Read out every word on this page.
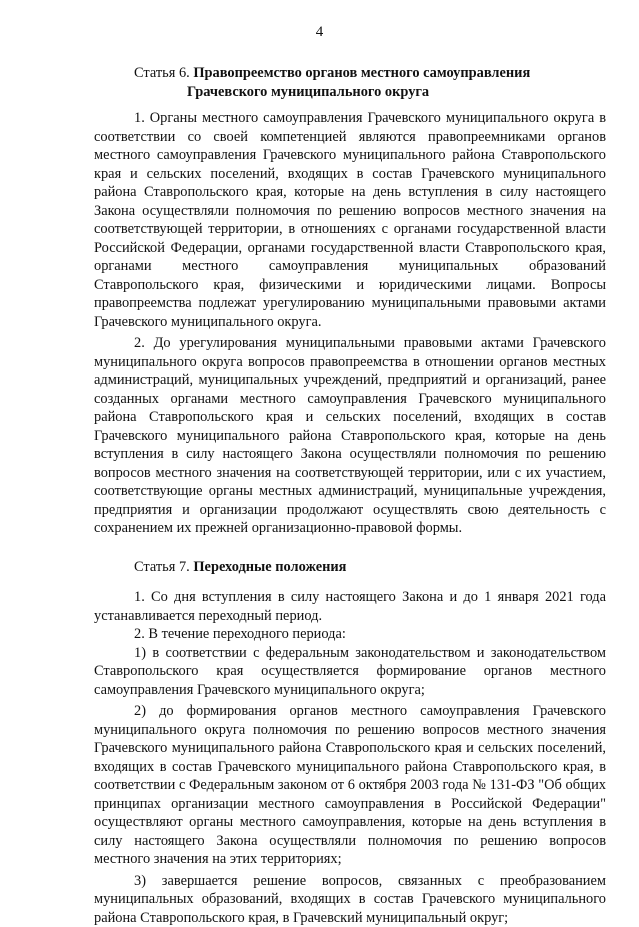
4
Статья 6. Правопреемство органов местного самоуправления
Грачевского муниципального округа

1. Органы местного самоуправления Грачевского муниципального округа в соответствии со своей компетенцией являются правопреемниками органов местного самоуправления Грачевского муниципального района Ставропольского края и сельских поселений, входящих в состав Грачевского муниципального района Ставропольского края, которые на день вступления в силу настоящего Закона осуществляли полномочия по решению вопросов местного значения на соответствующей территории, в отношениях с органами государственной власти Российской Федерации, органами государственной власти Ставропольского края, органами местного самоуправления муниципальных образований Ставропольского края, физическими и юридическими лицами. Вопросы правопреемства подлежат урегулированию муниципальными правовыми актами Грачевского муниципального округа.

2. До урегулирования муниципальными правовыми актами Грачевского муниципального округа вопросов правопреемства в отношении органов местных администраций, муниципальных учреждений, предприятий и организаций, ранее созданных органами местного самоуправления Грачевского муниципального района Ставропольского края и сельских поселений, входящих в состав Грачевского муниципального района Ставропольского края, которые на день вступления в силу настоящего Закона осуществляли полномочия по решению вопросов местного значения на соответствующей территории, или с их участием, соответствующие органы местных администраций, муниципальные учреждения, предприятия и организации продолжают осуществлять свою деятельность с сохранением их прежней организационно-правовой формы.

Статья 7. Переходные положения

1. Со дня вступления в силу настоящего Закона и до 1 января 2021 года устанавливается переходный период.

2. В течение переходного периода:

1) в соответствии с федеральным законодательством и законодательством Ставропольского края осуществляется формирование органов местного самоуправления Грачевского муниципального округа;

2) до формирования органов местного самоуправления Грачевского муниципального округа полномочия по решению вопросов местного значения Грачевского муниципального района Ставропольского края и сельских поселений, входящих в состав Грачевского муниципального района Ставропольского края, в соответствии с Федеральным законом от 6 октября 2003 года № 131-ФЗ "Об общих принципах организации местного самоуправления в Российской Федерации" осуществляют органы местного самоуправления, которые на день вступления в силу настоящего Закона осуществляли полномочия по решению вопросов местного значения на этих территориях;

3) завершается решение вопросов, связанных с преобразованием муниципальных образований, входящих в состав Грачевского муниципального района Ставропольского края, в Грачевский муниципальный округ;
